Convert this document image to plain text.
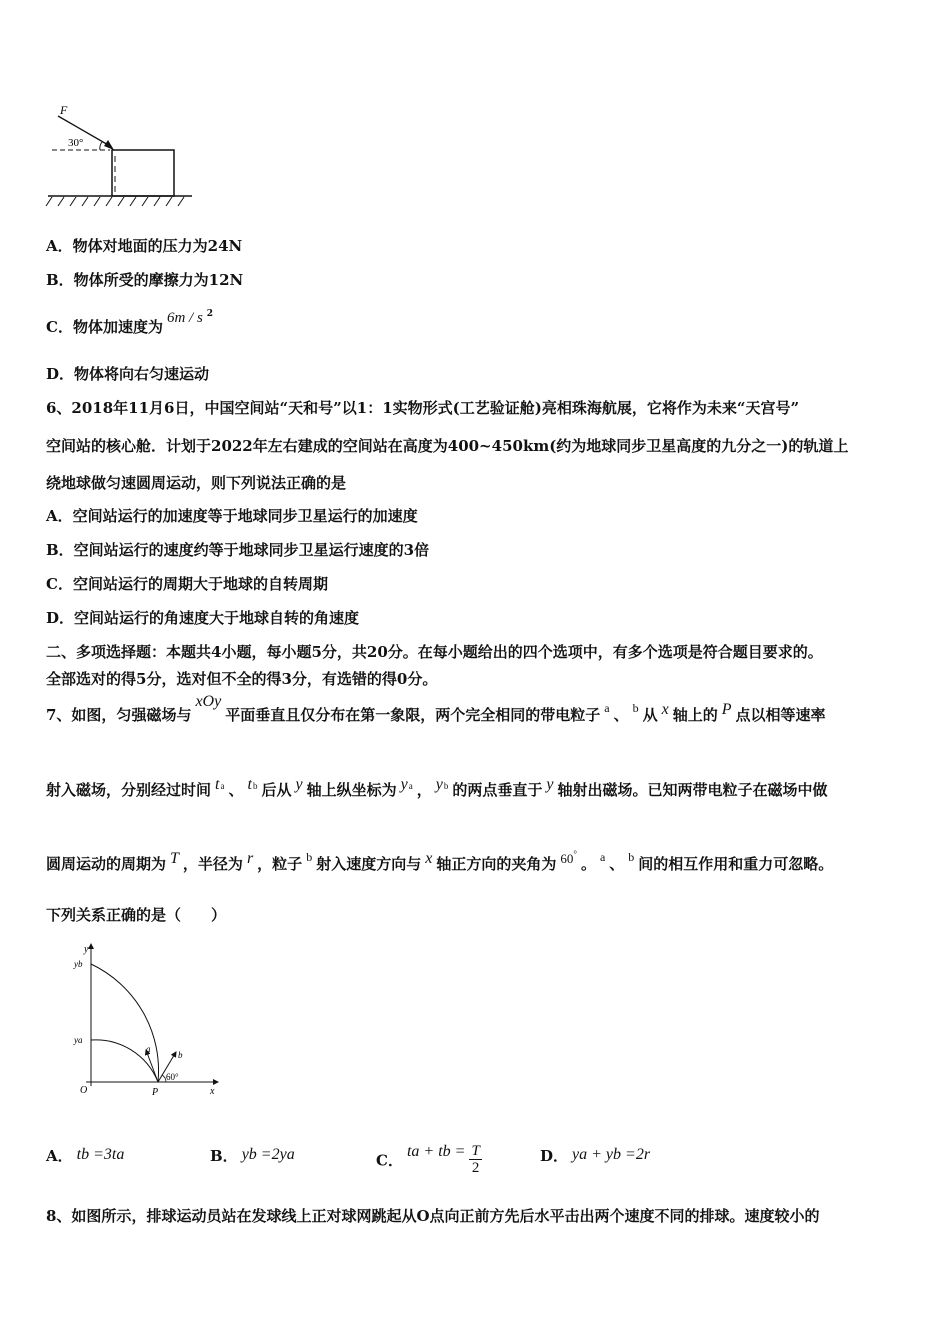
F
30°
A．物体对地面的压力为24N
B．物体所受的摩擦力为12N
C．物体加速度为 6m / s $^2$
D．物体将向右匀速运动
6、2018年11月6日，中国空间站“天和号”以1：1实物形式(工艺验证舱)亮相珠海航展，它将作为未来“天宫号”
空间站的核心舱．计划于2022年左右建成的空间站在高度为400~450km(约为地球同步卫星高度的九分之一)的轨道上
绕地球做匀速圆周运动，则下列说法正确的是
A．空间站运行的加速度等于地球同步卫星运行的加速度
B．空间站运行的速度约等于地球同步卫星运行速度的3倍
C．空间站运行的周期大于地球的自转周期
D．空间站运行的角速度大于地球自转的角速度
二、多项选择题：本题共4小题，每小题5分，共20分。在每小题给出的四个选项中，有多个选项是符合题目要求的。
全部选对的得5分，选对但不全的得3分，有选错的得0分。
7、如图，匀强磁场与xOy平面垂直且仅分布在第一象限，两个完全相同的带电粒子 $^a$ 、 $^b$ 从 x 轴上的 P 点以相等速率
射入磁场，分别经过时间 ta 、 tb 后从 y 轴上纵坐标为 ya ， yb 的两点垂直于 y 轴射出磁场。已知两带电粒子在磁场中做
圆周运动的周期为 T ，半径为 r ，粒子 $^b$ 射入速度方向与 x 轴正方向的夹角为 60°。 $^a$ 、 $^b$ 间的相互作用和重力可忽略。
下列关系正确的是（　　）
y
yb
ya
O	P	x
a
b
60°
A． tb =3ta	B． yb =2ya	C．ta + tb = $\frac{T}{2}$	D． ya + yb =2r
8、如图所示，排球运动员站在发球线上正对球网跳起从O点向正前方先后水平击出两个速度不同的排球。速度较小的
